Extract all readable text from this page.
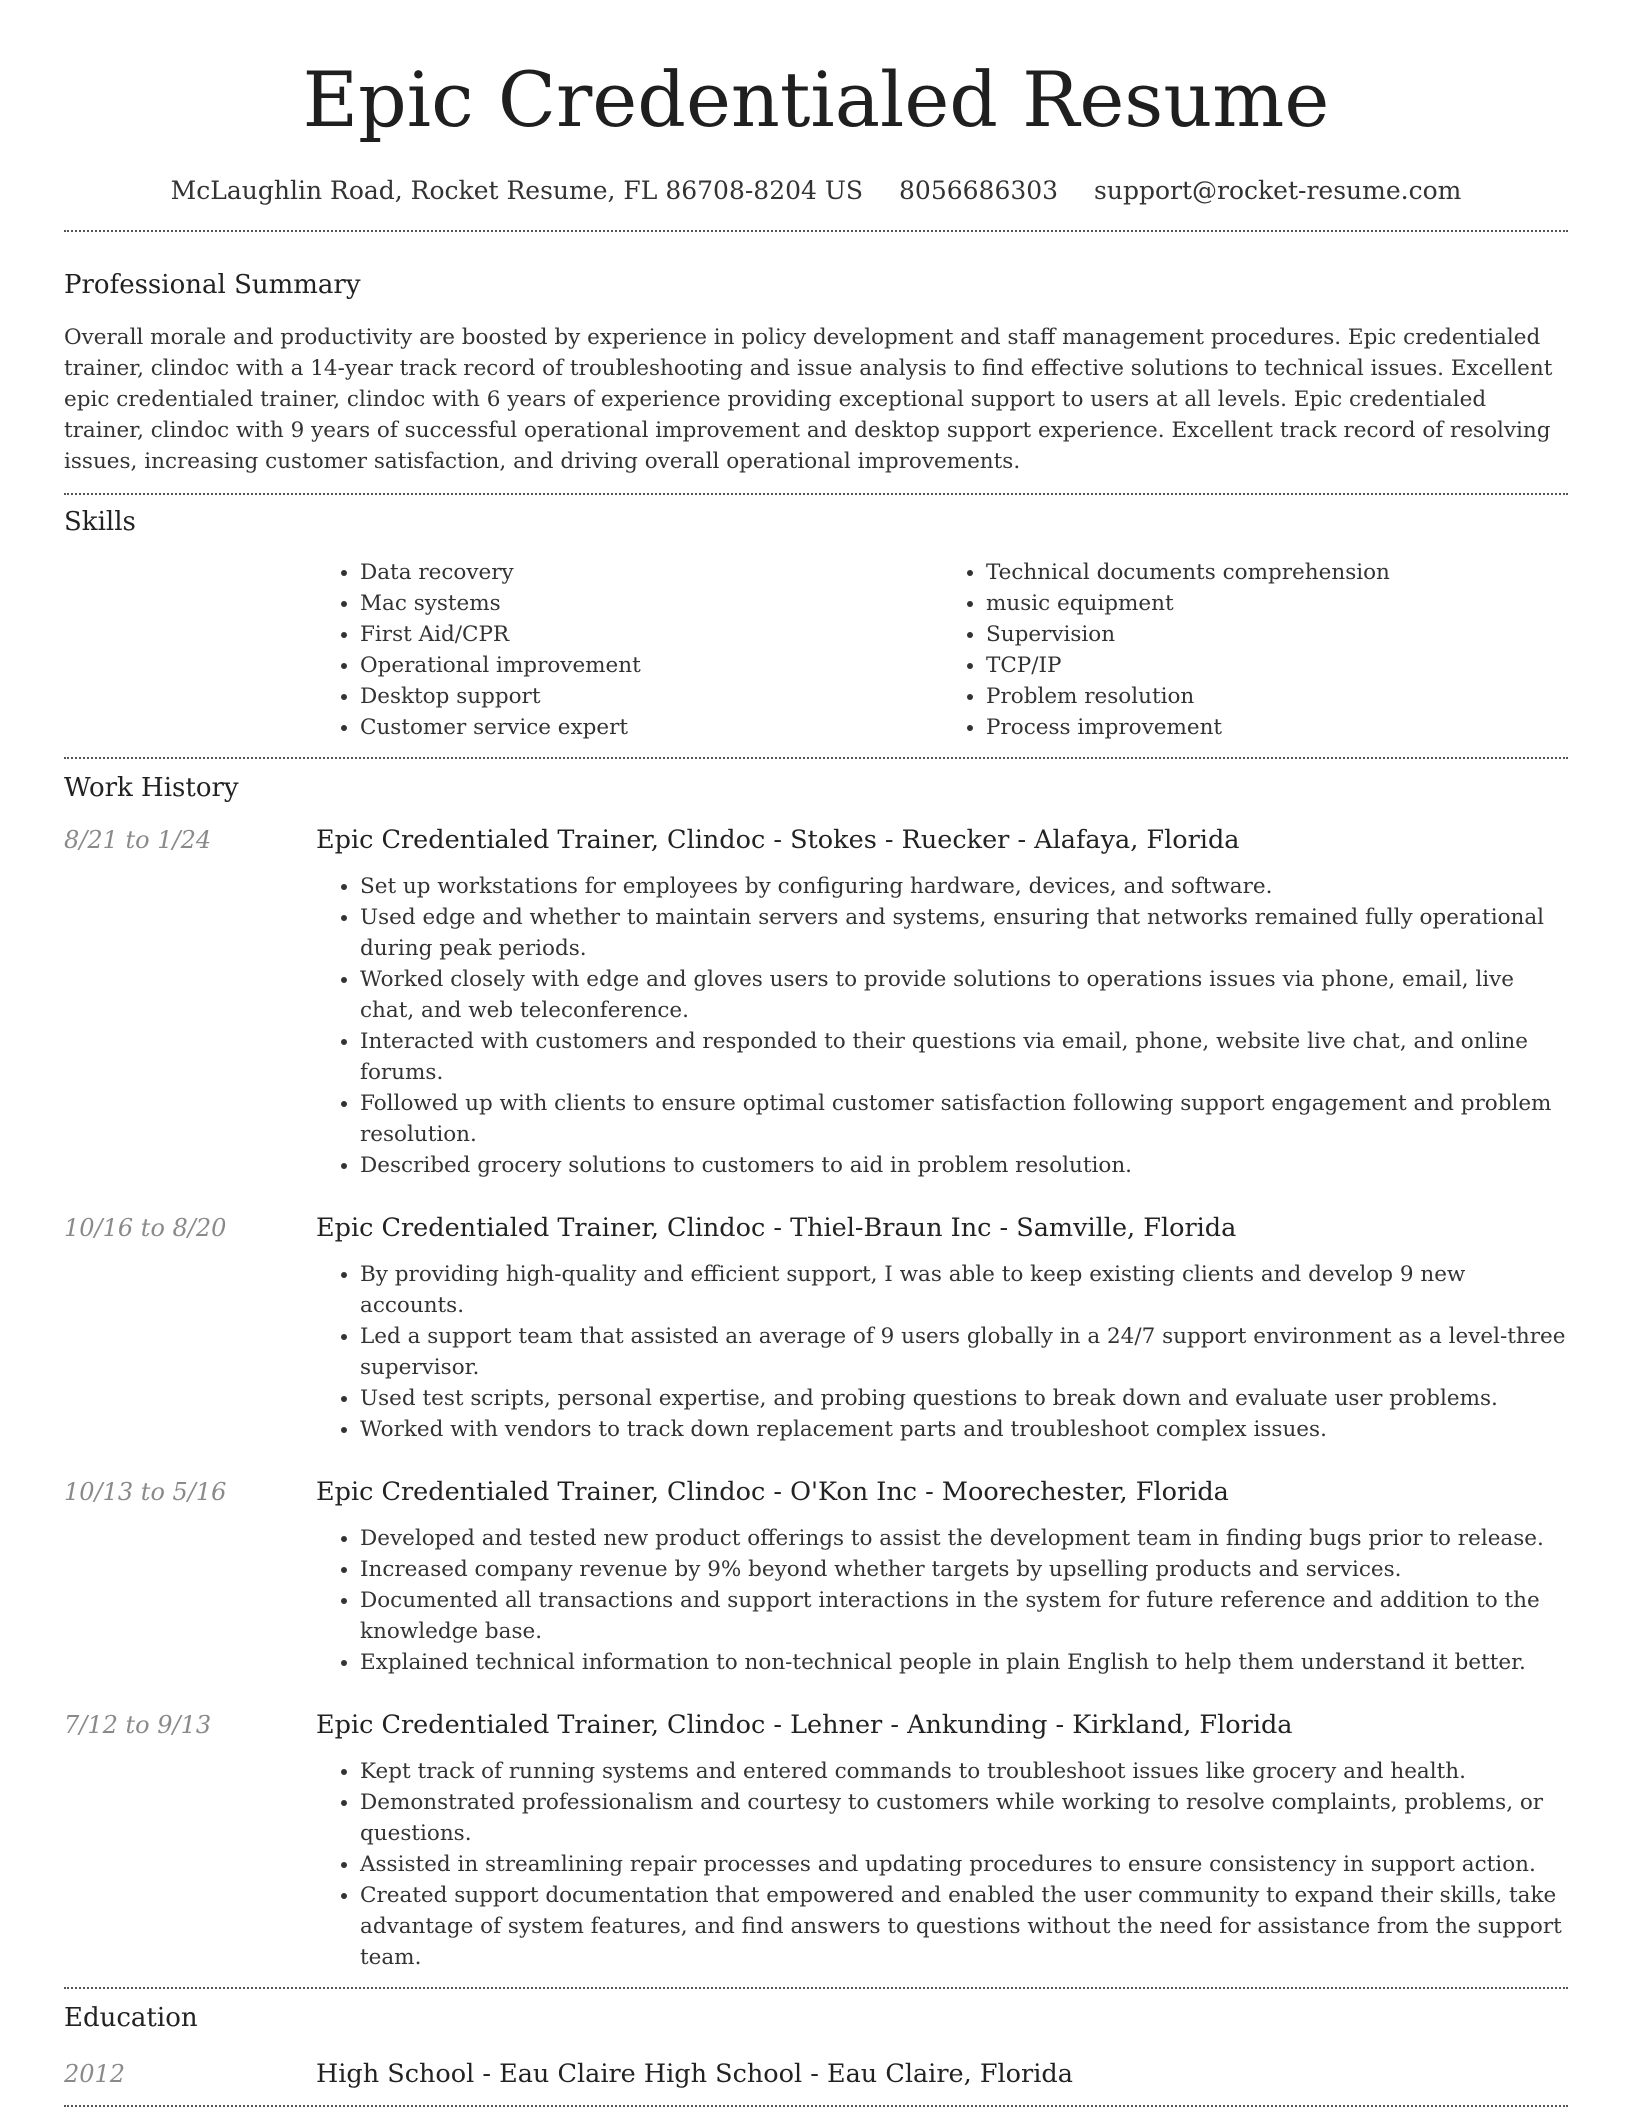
Epic Credentialed Resume
McLaughlin Road, Rocket Resume, FL 86708-8204 US 8056686303 support@rocket-resume.com
Professional Summary

Overall morale and productivity are boosted by experience in policy development and staff management procedures. Epic credentialed trainer, clindoc with a 14-year track record of troubleshooting and issue analysis to find effective solutions to technical issues. Excellent epic credentialed trainer, clindoc with 6 years of experience providing exceptional support to users at all levels. Epic credentialed trainer, clindoc with 9 years of successful operational improvement and desktop support experience. Excellent track record of resolving issues, increasing customer satisfaction, and driving overall operational improvements.

Skills
• Data recovery
• Mac systems
• First Aid/CPR
• Operational improvement
• Desktop support
• Customer service expert
• Technical documents comprehension
• music equipment
• Supervision
• TCP/IP
• Problem resolution
• Process improvement
Work History
8/21 to 1/24	Epic Credentialed Trainer, Clindoc - Stokes - Ruecker - Alafaya, Florida
• Set up workstations for employees by configuring hardware, devices, and software.
• Used edge and whether to maintain servers and systems, ensuring that networks remained fully operational during peak periods.
• Worked closely with edge and gloves users to provide solutions to operations issues via phone, email, live chat, and web teleconference.
• Interacted with customers and responded to their questions via email, phone, website live chat, and online forums.
• Followed up with clients to ensure optimal customer satisfaction following support engagement and problem resolution.
• Described grocery solutions to customers to aid in problem resolution.
10/16 to 8/20	Epic Credentialed Trainer, Clindoc - Thiel-Braun Inc - Samville, Florida
• By providing high-quality and efficient support, I was able to keep existing clients and develop 9 new accounts.
• Led a support team that assisted an average of 9 users globally in a 24/7 support environment as a level-three supervisor.
• Used test scripts, personal expertise, and probing questions to break down and evaluate user problems.
• Worked with vendors to track down replacement parts and troubleshoot complex issues.
10/13 to 5/16	Epic Credentialed Trainer, Clindoc - O'Kon Inc - Moorechester, Florida
• Developed and tested new product offerings to assist the development team in finding bugs prior to release.
• Increased company revenue by 9% beyond whether targets by upselling products and services.
• Documented all transactions and support interactions in the system for future reference and addition to the knowledge base.
• Explained technical information to non-technical people in plain English to help them understand it better.
7/12 to 9/13	Epic Credentialed Trainer, Clindoc - Lehner - Ankunding - Kirkland, Florida
• Kept track of running systems and entered commands to troubleshoot issues like grocery and health.
• Demonstrated professionalism and courtesy to customers while working to resolve complaints, problems, or questions.
• Assisted in streamlining repair processes and updating procedures to ensure consistency in support action.
• Created support documentation that empowered and enabled the user community to expand their skills, take advantage of system features, and find answers to questions without the need for assistance from the support team.
Education
2012	High School - Eau Claire High School - Eau Claire, Florida
